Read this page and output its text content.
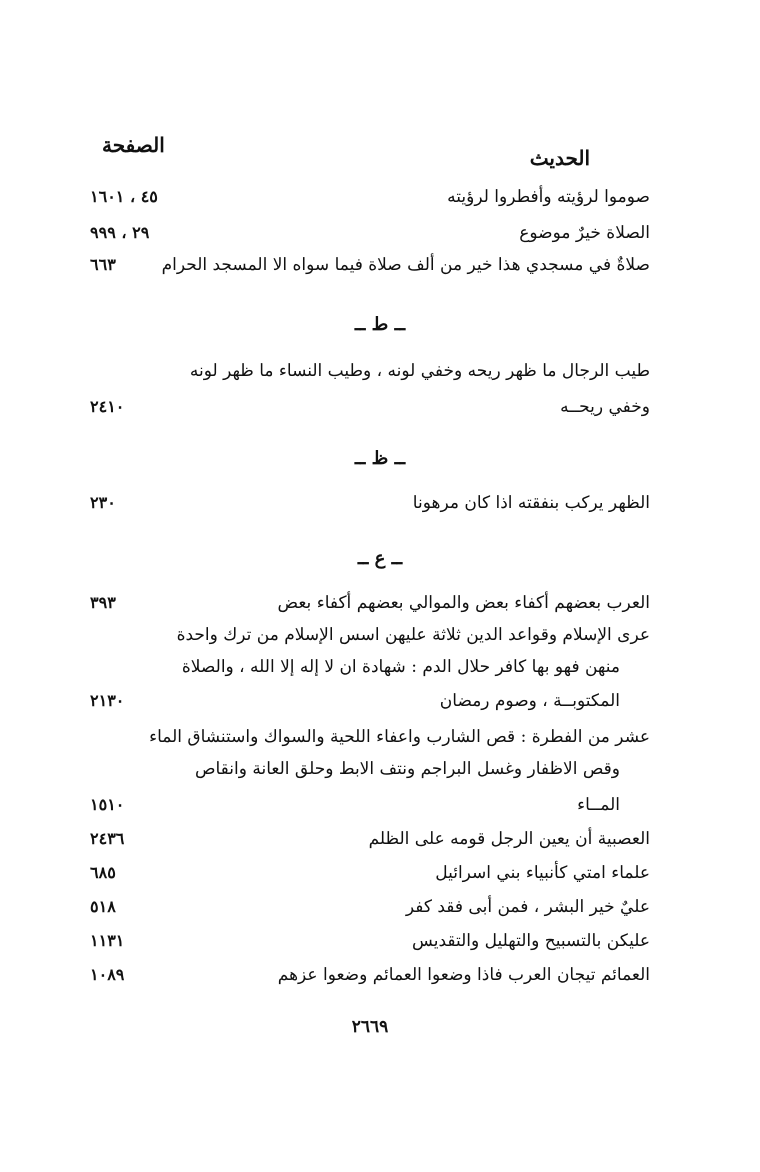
الحديث
الصفحة
صوموا لرؤيته وأفطروا لرؤيته
٤٥ ، ١٦٠١
الصلاة خيرٌ موضوع
٢٩ ، ٩٩٩
صلاةٌ في مسجدي هذا خير من ألف صلاة فيما سواه الا المسجد الحرام
٦٦٣
ــ ط ــ
طيب الرجال ما ظهر ريحه وخفي لونه ، وطيب النساء ما ظهر لونه
وخفي ريحــه
٢٤١٠
ــ ظ ــ
الظهر يركب بنفقته اذا كان مرهونا
٢٣٠
ــ ع ــ
العرب بعضهم أكفاء بعض والموالي بعضهم أكفاء بعض
٣٩٣
عرى الإسلام وقواعد الدين ثلاثة عليهن اسس الإسلام من ترك واحدة
منهن فهو بها كافر حلال الدم : شهادة ان لا إله إلا الله ، والصلاة
المكتوبــة ، وصوم رمضان
٢١٣٠
عشر من الفطرة : قص الشارب واعفاء اللحية والسواك واستنشاق الماء
وقص الاظفار وغسل البراجم ونتف الابط وحلق العانة وانقاص
المــاء
١٥١٠
العصبية أن يعين الرجل قومه على الظلم
٢٤٣٦
علماء امتي كأنبياء بني اسرائيل
٦٨٥
عليٌ خير البشر ، فمن أبى فقد كفر
٥١٨
عليكن بالتسبيح والتهليل والتقديس
١١٣١
العمائم تيجان العرب فاذا وضعوا العمائم وضعوا عزهم
١٠٨٩
٢٦٦٩
